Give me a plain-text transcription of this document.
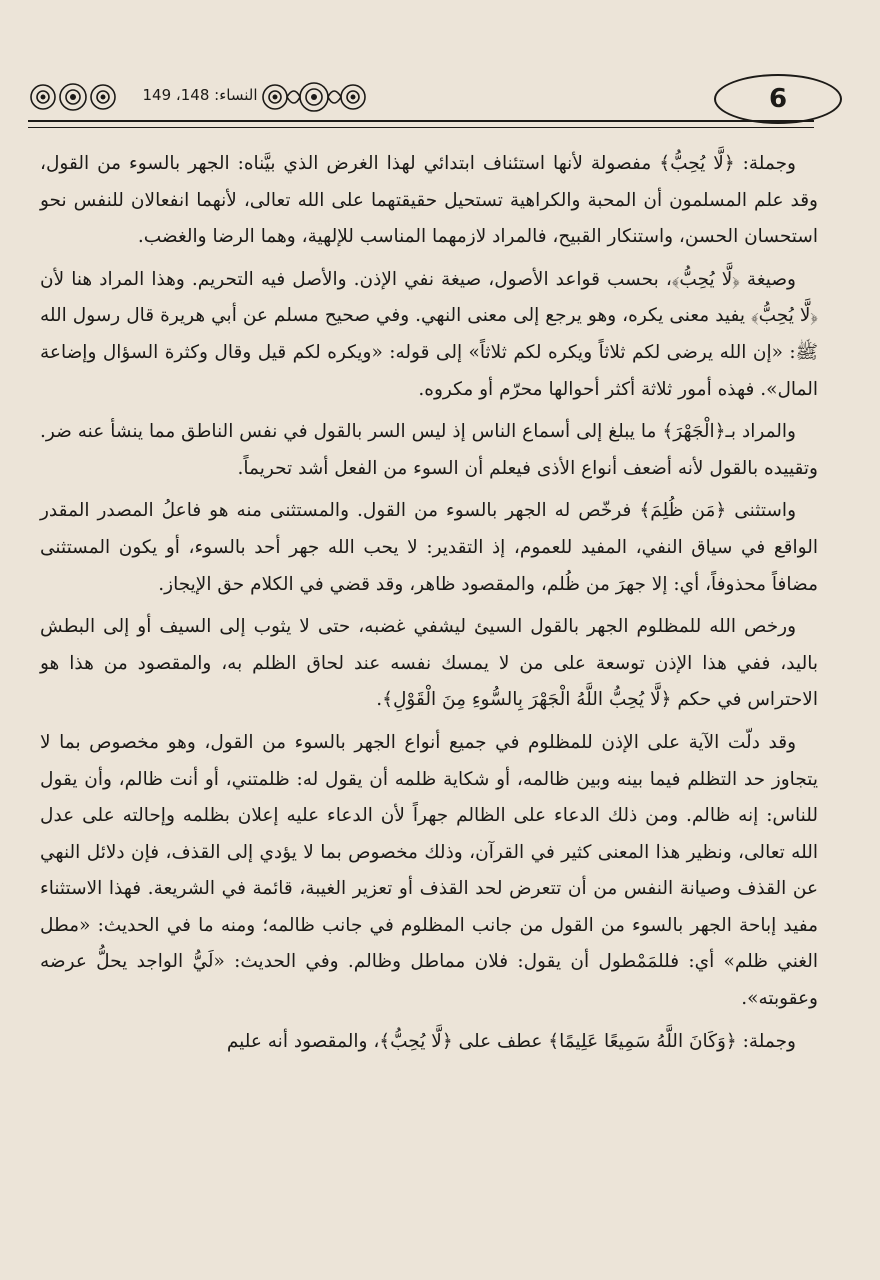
6
النساء: 148، 149

وجملة: ﴿لَّا يُحِبُّ﴾ مفصولة لأنها استئناف ابتدائي لهذا الغرض الذي بيَّناه: الجهر بالسوء من القول، وقد علم المسلمون أن المحبة والكراهية تستحيل حقيقتهما على الله تعالى، لأنهما انفعالان للنفس نحو استحسان الحسن، واستنكار القبيح، فالمراد لازمهما المناسب للإلهية، وهما الرضا والغضب.

وصيغة ﴿لَّا يُحِبُّ﴾، بحسب قواعد الأصول، صيغة نفي الإذن. والأصل فيه التحريم. وهذا المراد هنا لأن ﴿لَّا يُحِبُّ﴾ يفيد معنى يكره، وهو يرجع إلى معنى النهي. وفي صحيح مسلم عن أبي هريرة قال رسول الله ﷺ: «إن الله يرضى لكم ثلاثاً ويكره لكم ثلاثاً» إلى قوله: «ويكره لكم قيل وقال وكثرة السؤال وإضاعة المال». فهذه أمور ثلاثة أكثر أحوالها محرّم أو مكروه.

والمراد بـ﴿الْجَهْرَ﴾ ما يبلغ إلى أسماع الناس إذ ليس السر بالقول في نفس الناطق مما ينشأ عنه ضر. وتقييده بالقول لأنه أضعف أنواع الأذى فيعلم أن السوء من الفعل أشد تحريماً.

واستثنى ﴿مَن ظُلِمَ﴾ فرخّص له الجهر بالسوء من القول. والمستثنى منه هو فاعلُ المصدر المقدر الواقع في سياق النفي، المفيد للعموم، إذ التقدير: لا يحب الله جهر أحد بالسوء، أو يكون المستثنى مضافاً محذوفاً، أي: إلا جهرَ من ظُلم، والمقصود ظاهر، وقد قضي في الكلام حق الإيجاز.

ورخص الله للمظلوم الجهر بالقول السيئ ليشفي غضبه، حتى لا يثوب إلى السيف أو إلى البطش باليد، ففي هذا الإذن توسعة على من لا يمسك نفسه عند لحاق الظلم به، والمقصود من هذا هو الاحتراس في حكم ﴿لَّا يُحِبُّ اللَّهُ الْجَهْرَ بِالسُّوءِ مِنَ الْقَوْلِ﴾.

وقد دلّت الآية على الإذن للمظلوم في جميع أنواع الجهر بالسوء من القول، وهو مخصوص بما لا يتجاوز حد التظلم فيما بينه وبين ظالمه، أو شكاية ظلمه أن يقول له: ظلمتني، أو أنت ظالم، وأن يقول للناس: إنه ظالم. ومن ذلك الدعاء على الظالم جهراً لأن الدعاء عليه إعلان بظلمه وإحالته على عدل الله تعالى، ونظير هذا المعنى كثير في القرآن، وذلك مخصوص بما لا يؤدي إلى القذف، فإن دلائل النهي عن القذف وصيانة النفس من أن تتعرض لحد القذف أو تعزير الغيبة، قائمة في الشريعة. فهذا الاستثناء مفيد إباحة الجهر بالسوء من القول من جانب المظلوم في جانب ظالمه؛ ومنه ما في الحديث: «مطل الغني ظلم» أي: فللمَمْطول أن يقول: فلان مماطل وظالم. وفي الحديث: «لَيُّ الواجد يحلُّ عرضه وعقوبته».

وجملة: ﴿وَكَانَ اللَّهُ سَمِيعًا عَلِيمًا﴾ عطف على ﴿لَّا يُحِبُّ﴾، والمقصود أنه عليم
